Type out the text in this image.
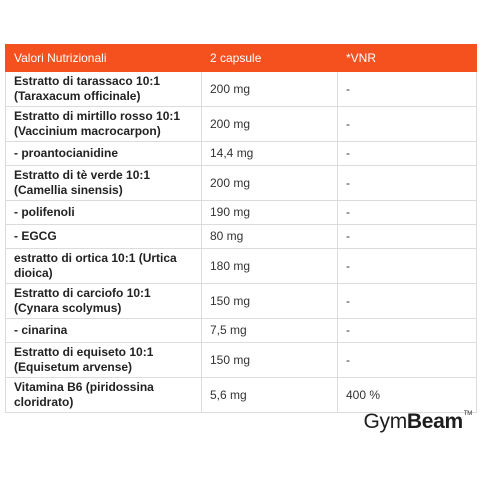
Valori Nutrizionali	2 capsule	*VNR
Estratto di tarassaco 10:1 (Taraxacum officinale)	200 mg	-
Estratto di mirtillo rosso 10:1 (Vaccinium macrocarpon)	200 mg	-
- proantocianidine	14,4 mg	-
Estratto di tè verde 10:1 (Camellia sinensis)	200 mg	-
- polifenoli	190 mg	-
- EGCG	80 mg	-
estratto di ortica 10:1 (Urtica dioica)	180 mg	-
Estratto di carciofo 10:1 (Cynara scolymus)	150 mg	-
- cinarina	7,5 mg	-
Estratto di equiseto 10:1 (Equisetum arvense)	150 mg	-
Vitamina B6 (piridossina cloridrato)	5,6 mg	400 %
GymBeam™
